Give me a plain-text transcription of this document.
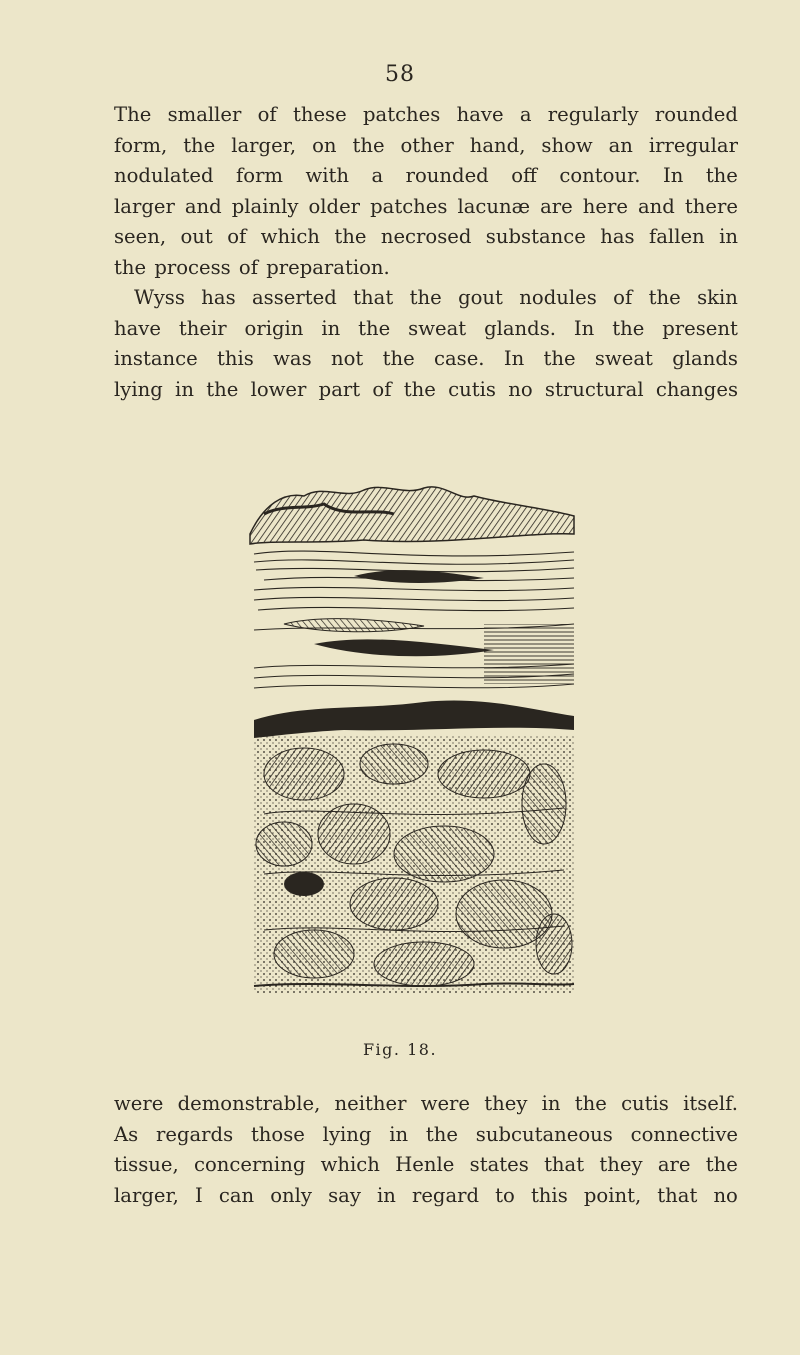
58
The smaller of these patches have a regularly rounded
form, the larger, on the other hand, show an irregular
nodulated form with a rounded off contour. In the
larger and plainly older patches lacunæ are here and there
seen, out of which the necrosed substance has fallen in
the process of preparation.
Wyss has asserted that the gout nodules of the skin
have their origin in the sweat glands. In the present
instance this was not the case. In the sweat glands
lying in the lower part of the cutis no structural changes
Fig. 18.
were demonstrable, neither were they in the cutis itself.
As regards those lying in the subcutaneous connective
tissue, concerning which Henle states that they are the
larger, I can only say in regard to this point, that no
